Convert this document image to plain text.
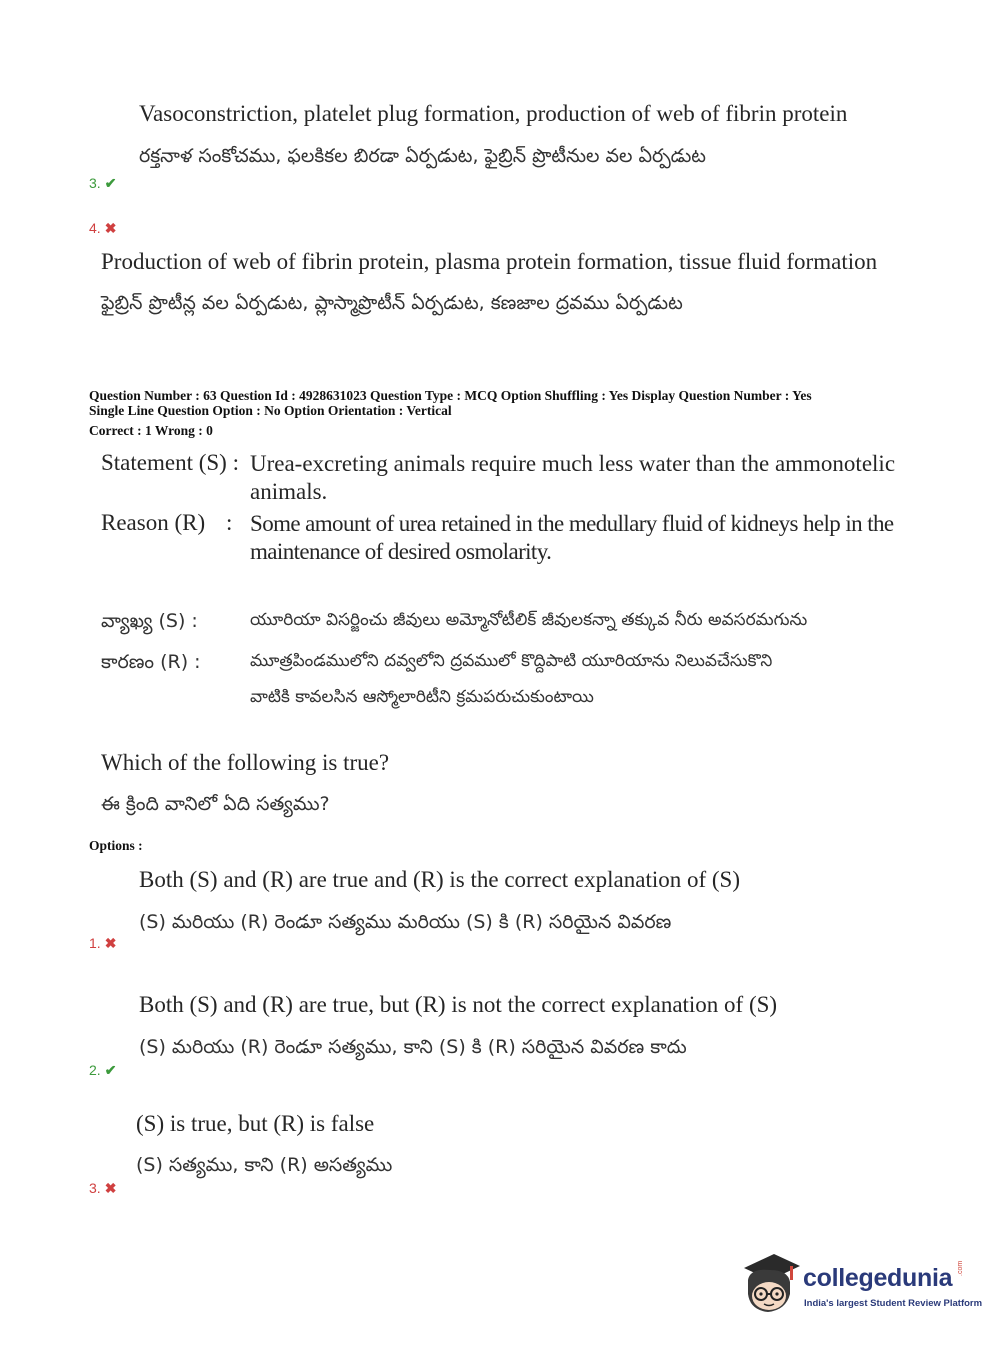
Vasoconstriction, platelet plug formation, production of web of fibrin protein
రక్తనాళ సంకోచము, ఫలకికల బిరడా ఏర్పడుట, ఫైబ్రిన్ ప్రొటీనుల వల ఏర్పడుట
3. ✔
4. ✖
Production of web of fibrin protein, plasma protein formation, tissue fluid formation
ఫైబ్రిన్ ప్రొటీన్ల వల ఏర్పడుట, ప్లాస్మాప్రొటీన్ ఏర్పడుట, కణజాల ద్రవము ఏర్పడుట
Question Number : 63 Question Id : 4928631023 Question Type : MCQ Option Shuffling : Yes Display Question Number : Yes
Single Line Question Option : No Option Orientation : Vertical
Correct : 1 Wrong : 0
Statement (S) : Urea-excreting animals require much less water than the ammonotelic animals.
Reason (R) : Some amount of urea retained in the medullary fluid of kidneys help in the maintenance of desired osmolarity.
వ్యాఖ్య (S) :	యూరియా విసర్జించు జీవులు అమ్మోనోటీలిక్ జీవులకన్నా తక్కువ నీరు అవసరమగును
కారణం (R) :	మూత్రపిండములోని దవ్వలోని ద్రవములో కొద్దిపాటి యూరియాను నిలువచేసుకొని
వాటికి కావలసిన ఆస్మోలారిటీని క్రమపరుచుకుంటాయి
Which of the following is true?
ఈ క్రింది వానిలో ఏది సత్యము?
Options :
Both (S) and (R) are true and (R) is the correct explanation of (S)
(S) మరియు (R) రెండూ సత్యము మరియు (S) కి (R) సరియైన వివరణ
1. ✖
Both (S) and (R) are true, but (R) is not the correct explanation of (S)
(S) మరియు (R) రెండూ సత్యము, కాని (S) కి (R) సరియైన వివరణ కాదు
2. ✔
(S) is true, but (R) is false
(S) సత్యము, కాని (R) అసత్యము
3. ✖
collegedunia .com
India's largest Student Review Platform
